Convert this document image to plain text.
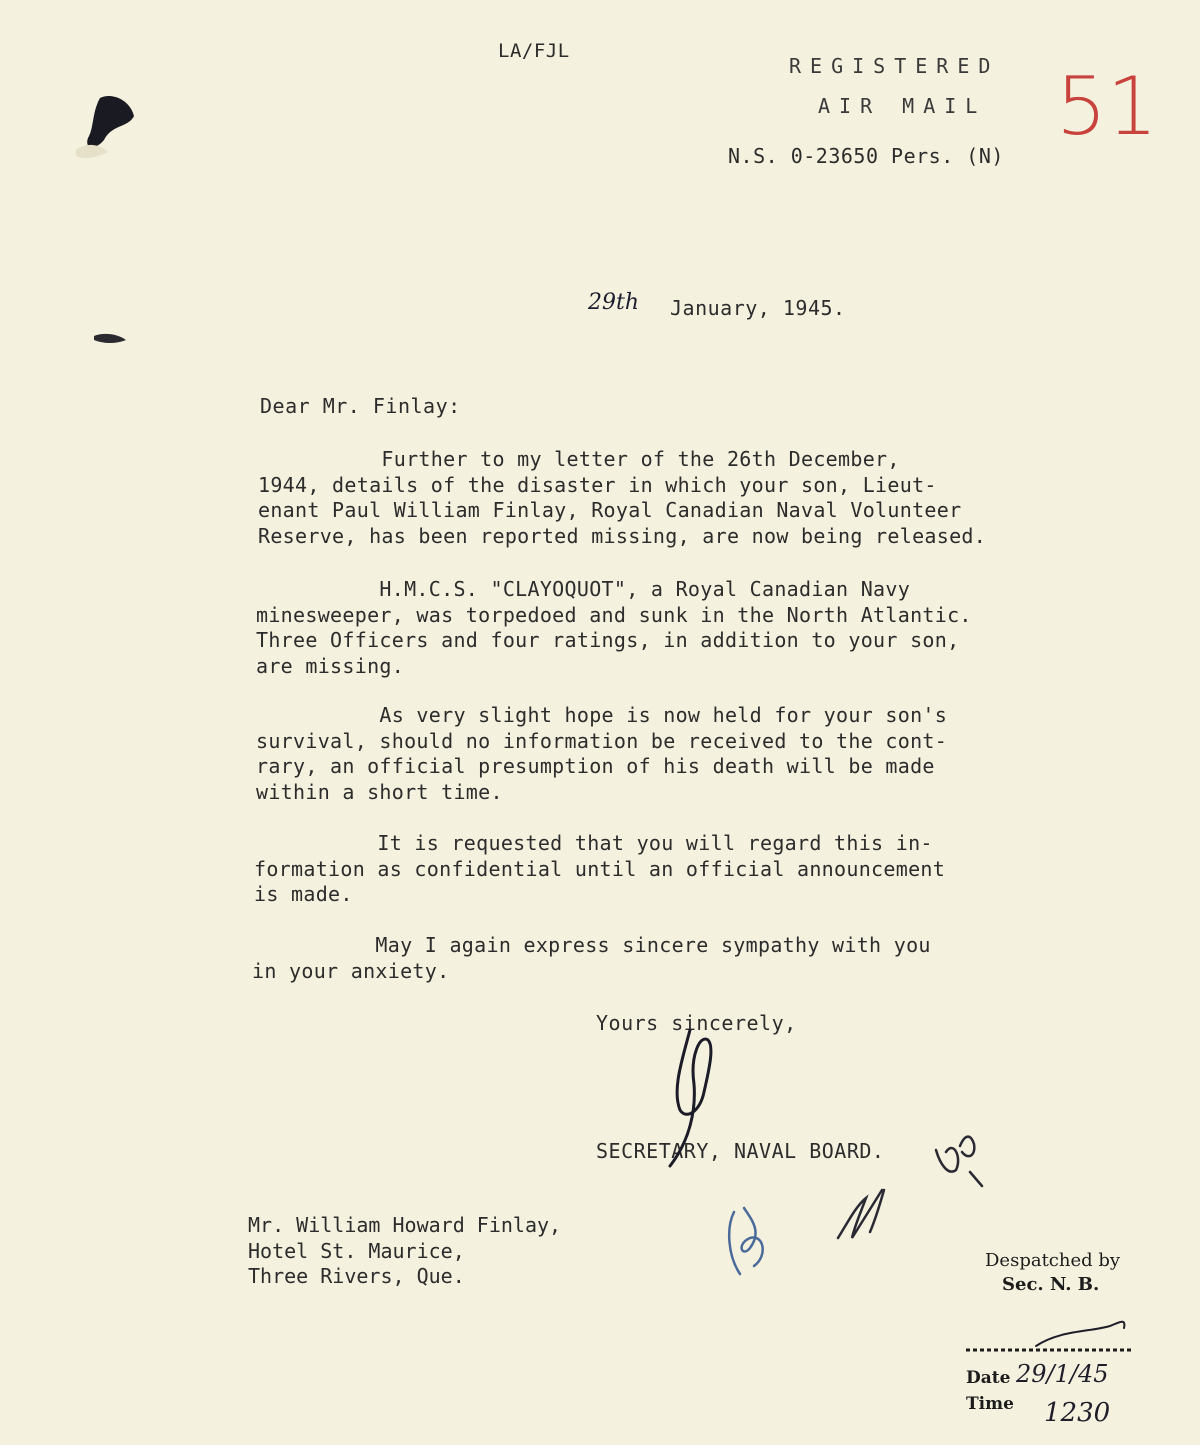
LA/FJL
REGISTERED
AIR MAIL
N.S. 0-23650 Pers. (N)
51
29th January, 1945.
Dear Mr. Finlay:
Further to my letter of the 26th December,
1944, details of the disaster in which your son, Lieut-
enant Paul William Finlay, Royal Canadian Naval Volunteer
Reserve, has been reported missing, are now being released.
H.M.C.S. "CLAYOQUOT", a Royal Canadian Navy
minesweeper, was torpedoed and sunk in the North Atlantic.
Three Officers and four ratings, in addition to your son,
are missing.
As very slight hope is now held for your son's
survival, should no information be received to the cont-
rary, an official presumption of his death will be made
within a short time.
It is requested that you will regard this in-
formation as confidential until an official announcement
is made.
May I again express sincere sympathy with you
in your anxiety.
Yours sincerely,
SECRETARY, NAVAL BOARD.
Mr. William Howard Finlay,
Hotel St. Maurice,
Three Rivers, Que.
Despatched by
Sec. N. B.
Date
Time
29/1/45
1230
